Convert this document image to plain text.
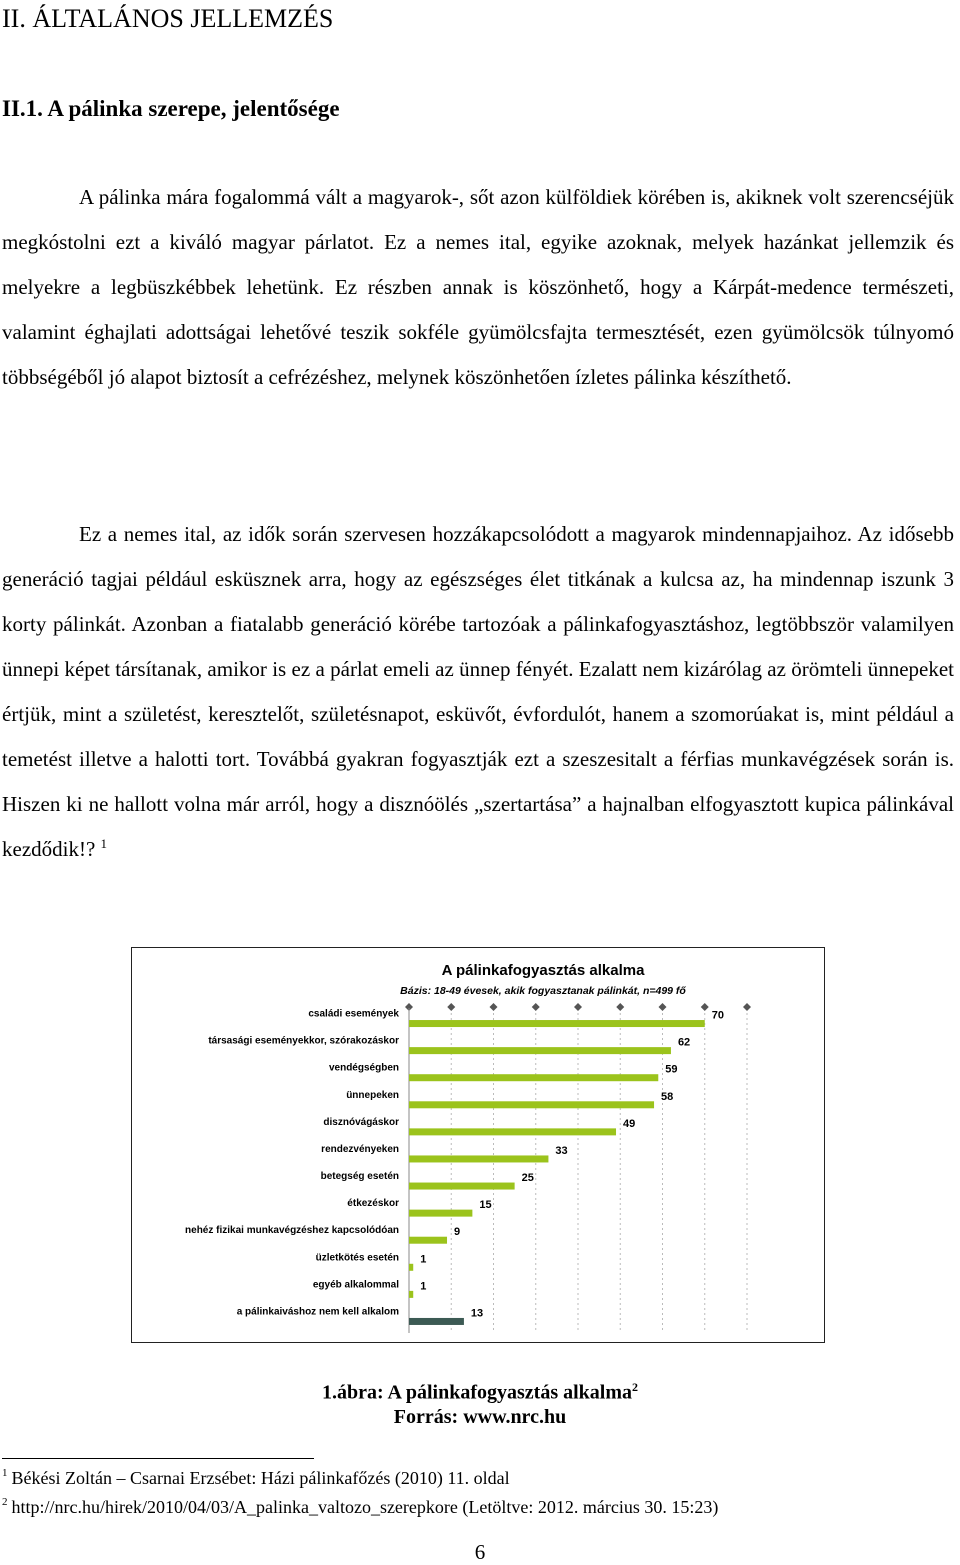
II. ÁLTALÁNOS JELLEMZÉS
II.1. A pálinka szerepe, jelentősége

A pálinka mára fogalommá vált a magyarok-, sőt azon külföldiek körében is, akiknek volt szerencséjük megkóstolni ezt a kiváló magyar párlatot. Ez a nemes ital, egyike azoknak, melyek hazánkat jellemzik és melyekre a legbüszkébbek lehetünk. Ez részben annak is köszönhető, hogy a Kárpát-medence természeti, valamint éghajlati adottságai lehetővé teszik sokféle gyümölcsfajta termesztését, ezen gyümölcsök túlnyomó többségéből jó alapot biztosít a cefrézéshez, melynek köszönhetően ízletes pálinka készíthető.

Ez a nemes ital, az idők során szervesen hozzákapcsolódott a magyarok mindennapjaihoz. Az idősebb generáció tagjai például esküsznek arra, hogy az egészséges élet titkának a kulcsa az, ha mindennap iszunk 3 korty pálinkát. Azonban a fiatalabb generáció körébe tartozóak a pálinkafogyasztáshoz, legtöbbször valamilyen ünnepi képet társítanak, amikor is ez a párlat emeli az ünnep fényét. Ezalatt nem kizárólag az örömteli ünnepeket értjük, mint a születést, keresztelőt, születésnapot, esküvőt, évfordulót, hanem a szomorúakat is, mint például a temetést illetve a halotti tort. Továbbá gyakran fogyasztják ezt a szeszesitalt a férfias munkavégzések során is. Hiszen ki ne hallott volna már arról, hogy a disznóölés „szertartása” a hajnalban elfogyasztott kupica pálinkával kezdődik!? $^1$

A pálinkafogyasztás alkalma
Bázis: 18-49 évesek, akik fogyasztanak pálinkát, n=499 fő
családi események	70
társasági eseményekkor, szórakozáskor	62
vendégségben	59
ünnepeken	58
disznóvágáskor	49
rendezvényeken	33
betegség esetén	25
étkezéskor	15
nehéz fizikai munkavégzéshez kapcsolódóan	9
üzletkötés esetén 1
egyéb alkalommal 1
a pálinkaiváshoz nem kell alkalom	13
1.ábra: A pálinkafogyasztás alkalma$^2$
Forrás: www.nrc.hu
$^1$ Békési Zoltán – Csarnai Erzsébet: Házi pálinkafőzés (2010) 11. oldal
$^2$ http://nrc.hu/hirek/2010/04/03/A_palinka_valtozo_szerepkore (Letöltve: 2012. március 30. 15:23)
6
